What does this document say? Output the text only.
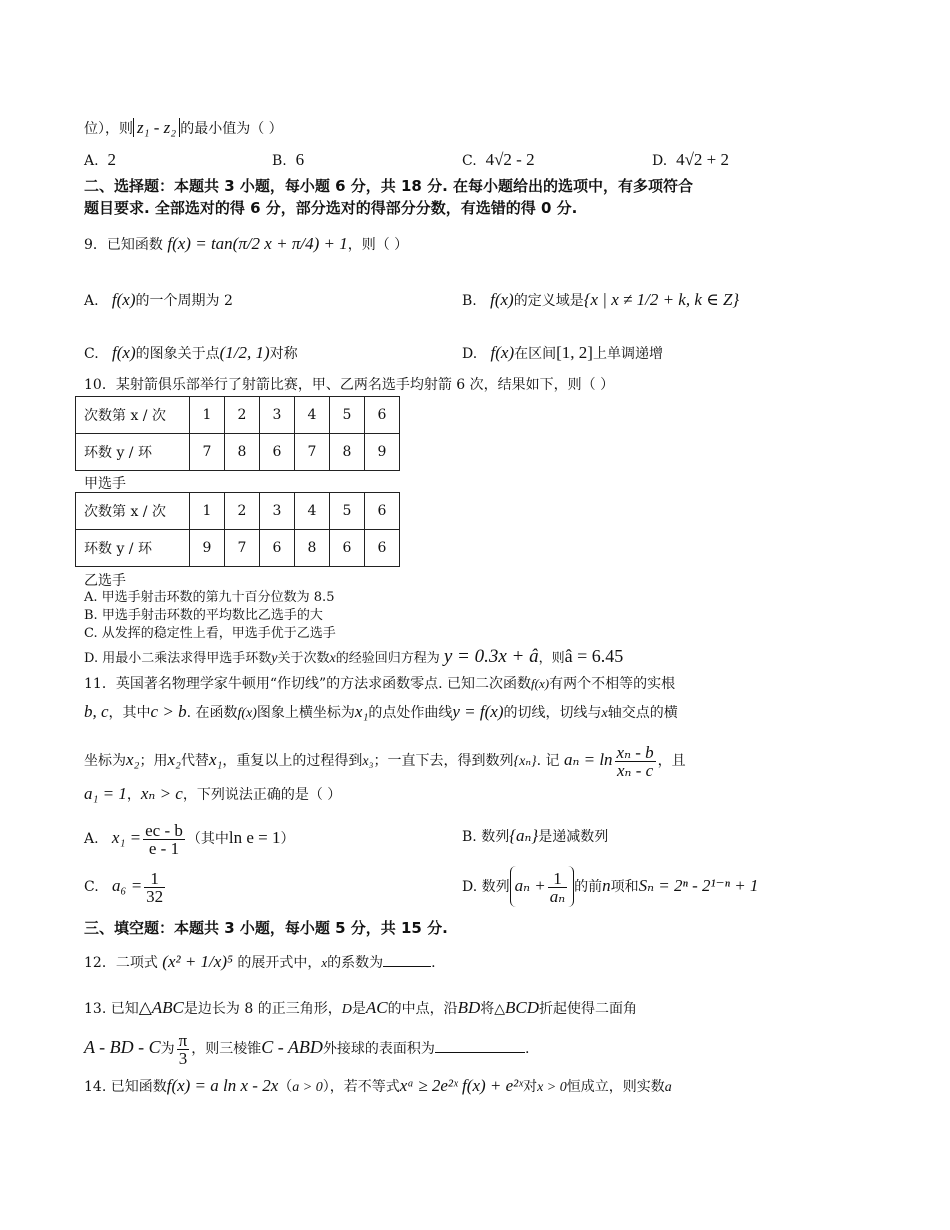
位），则 z₁ - z₂ 的最小值为（ ）
A. 2	B. 6	C. 4√2 - 2	D. 4√2 + 2
二、选择题：本题共 3 小题，每小题 6 分，共 18 分. 在每小题给出的选项中，有多项符合
题目要求. 全部选对的得 6 分，部分选对的得部分分数，有选错的得 0 分.
9．已知函数 f(x) = tan(π/2 x + π/4) + 1，则（ ）
A. f(x)的一个周期为 2	B. f(x)的定义域是{x | x ≠ 1/2 + k, k ∈ Z}
C. f(x)的图象关于点(1/2, 1)对称	D. f(x)在区间[1, 2]上单调递增
10．某射箭俱乐部举行了射箭比赛，甲、乙两名选手均射箭 6 次，结果如下，则（ ）
次数第 x / 次	1	2	3	4	5	6
环数 y / 环	7	8	6	7	8	9
甲选手
次数第 x / 次	1	2	3	4	5	6
环数 y / 环	9	7	6	8	6	6
乙选手
A. 甲选手射击环数的第九十百分位数为 8.5
B. 甲选手射击环数的平均数比乙选手的大
C. 从发挥的稳定性上看，甲选手优于乙选手
D. 用最小二乘法求得甲选手环数y关于次数x的经验回归方程为 y = 0.3x + â，则â = 6.45
11．英国著名物理学家牛顿用“作切线”的方法求函数零点. 已知二次函数f(x)有两个不相等的实根
b, c，其中c > b. 在函数f(x)图象上横坐标为x₁的点处作曲线y = f(x)的切线，切线与x轴交点的横
坐标为x₂；用x₂代替x₁，重复以上的过程得到x₃；一直下去，得到数列{xₙ}. 记 $a_n = \ln \frac{\text{xₙ - b}}{\text{xₙ - c}}$ ，且
a₁ = 1，xₙ > c，下列说法正确的是（ ）
A. $x_1 = \frac{ec - b}{e - 1}$ （其中ln e = 1）	B. 数列{aₙ}是递减数列
C. $a_6 = \frac{1}{32}$	D. 数列 $a_n + \frac{1}{\text{aₙ}}$ 的前n项和Sₙ = 2ⁿ - 2¹⁻ⁿ + 1
三、填空题：本题共 3 小题，每小题 5 分，共 15 分.
12．二项式 (x² + 1/x)⁵ 的展开式中，x的系数为	.
13. 已知△ABC是边长为 8 的正三角形，D是AC的中点，沿BD将△BCD折起使得二面角
A - BD - C为 $\frac{\pi}{3}$ ，则三棱锥C - ABD外接球的表面积为	.
14. 已知函数f(x) = a ln x - 2x（a > 0），若不等式xᵃ ≥ 2e²ˣ f(x) + e²ˣ对x > 0恒成立，则实数a
